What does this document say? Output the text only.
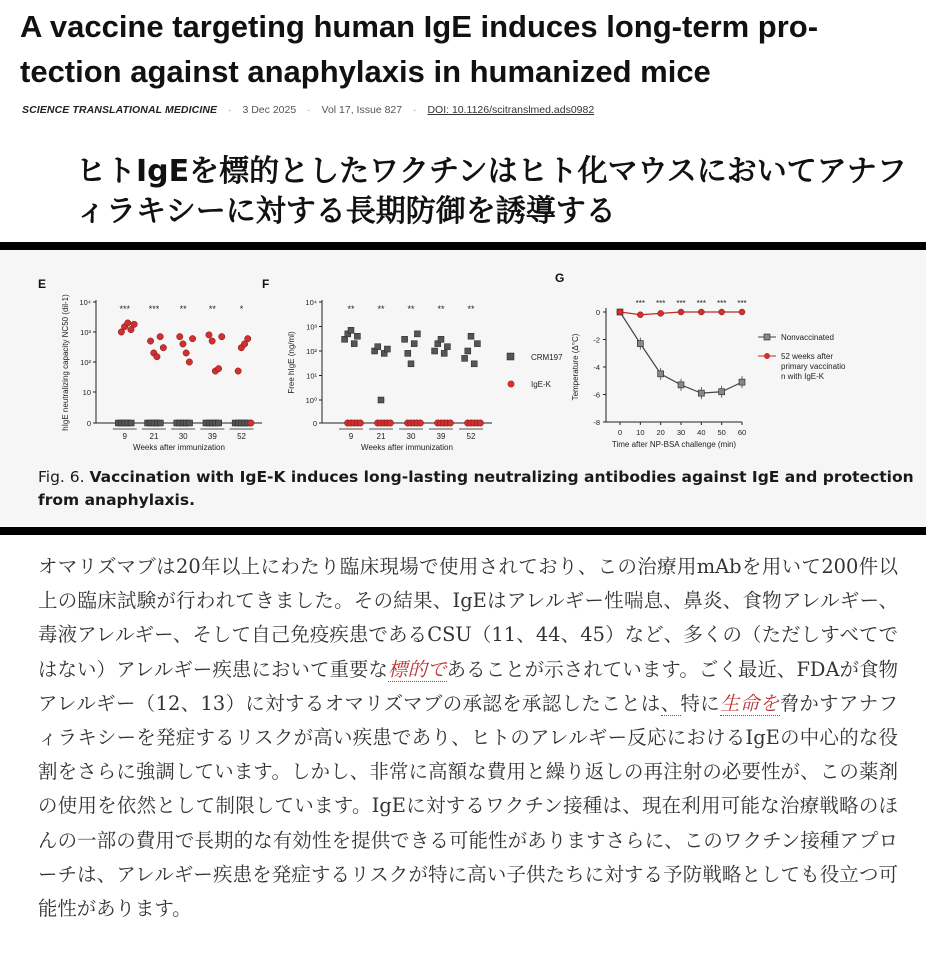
A vaccine targeting human IgE induces long-term pro-tection against anaphylaxis in humanized mice
SCIENCE TRANSLATIONAL MEDICINE · 3 Dec 2025 · Vol 17, Issue 827 · DOI: 10.1126/scitranslmed.ads0982
ヒトIgEを標的としたワクチンはヒト化マウスにおいてアナフィラキシーに対する長期防御を誘導する
E
0
10
10²
10³
10⁴
9
***
21
***
30
**
39
**
52
*
Weeks after immunization
hIgE neutralizing capacity NC50 (dil-1)
F
0
10⁰
10¹
10²
10³
10⁴
9
**
21
**
30
**
39
**
52
**
Weeks after immunization
Free hIgE (ng/ml)	CRM197
IgE-K
G
0
-2
-4
-6
-8
0 10 20 30 40 50 60
Time after NP-BSA challenge (min)
Temperature (Δ°C)
*** *** *** *** *** ***
Nonvaccinated
52 weeks after primary vaccinatio n with IgE-K

Fig. 6. Vaccination with IgE-K induces long-lasting neutralizing antibodies against IgE and protection from anaphylaxis.

オマリズマブは20年以上にわたり臨床現場で使用されており、この治療用mAbを用いて200件以上の臨床試験が行われてきました。その結果、IgEはアレルギー性喘息、鼻炎、食物アレルギー、毒液アレルギー、そして自己免疫疾患であるCSU（11、44、45）など、多くの（ただしすべてではない）アレルギー疾患において重要な標的であることが示されています。ごく最近、FDAが食物アレルギー（12、13）に対するオマリズマブの承認を承認したことは、特に生命を脅かすアナフィラキシーを発症するリスクが高い疾患であり、ヒトのアレルギー反応におけるIgEの中心的な役割をさらに強調しています。しかし、非常に高額な費用と繰り返しの再注射の必要性が、この薬剤の使用を依然として制限しています。IgEに対するワクチン接種は、現在利用可能な治療戦略のほんの一部の費用で長期的な有効性を提供できる可能性がありますさらに、このワクチン接種アプローチは、アレルギー疾患を発症するリスクが特に高い子供たちに対する予防戦略としても役立つ可能性があります。
